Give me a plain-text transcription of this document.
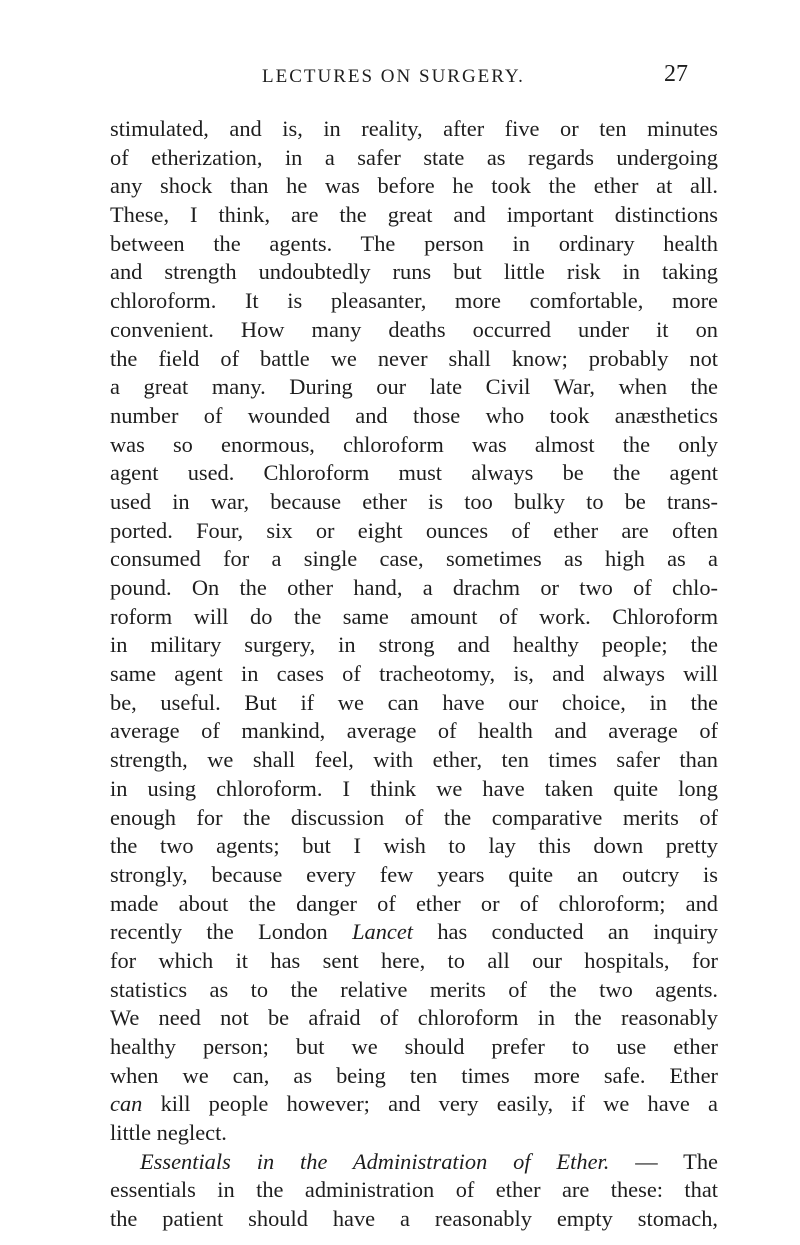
LECTURES ON SURGERY.	27
stimulated, and is, in reality, after five or ten minutes
of etherization, in a safer state as regards undergoing
any shock than he was before he took the ether at all.
These, I think, are the great and important distinctions
between the agents. The person in ordinary health
and strength undoubtedly runs but little risk in taking
chloroform. It is pleasanter, more comfortable, more
convenient. How many deaths occurred under it on
the field of battle we never shall know; probably not
a great many. During our late Civil War, when the
number of wounded and those who took anæsthetics
was so enormous, chloroform was almost the only
agent used. Chloroform must always be the agent
used in war, because ether is too bulky to be trans-
ported. Four, six or eight ounces of ether are often
consumed for a single case, sometimes as high as a
pound. On the other hand, a drachm or two of chlo-
roform will do the same amount of work. Chloroform
in military surgery, in strong and healthy people; the
same agent in cases of tracheotomy, is, and always will
be, useful. But if we can have our choice, in the
average of mankind, average of health and average of
strength, we shall feel, with ether, ten times safer than
in using chloroform. I think we have taken quite long
enough for the discussion of the comparative merits of
the two agents; but I wish to lay this down pretty
strongly, because every few years quite an outcry is
made about the danger of ether or of chloroform; and
recently the London Lancet has conducted an inquiry
for which it has sent here, to all our hospitals, for
statistics as to the relative merits of the two agents.
We need not be afraid of chloroform in the reasonably
healthy person; but we should prefer to use ether
when we can, as being ten times more safe. Ether
can kill people however; and very easily, if we have a
little neglect.
Essentials in the Administration of Ether. — The
essentials in the administration of ether are these: that
the patient should have a reasonably empty stomach,
